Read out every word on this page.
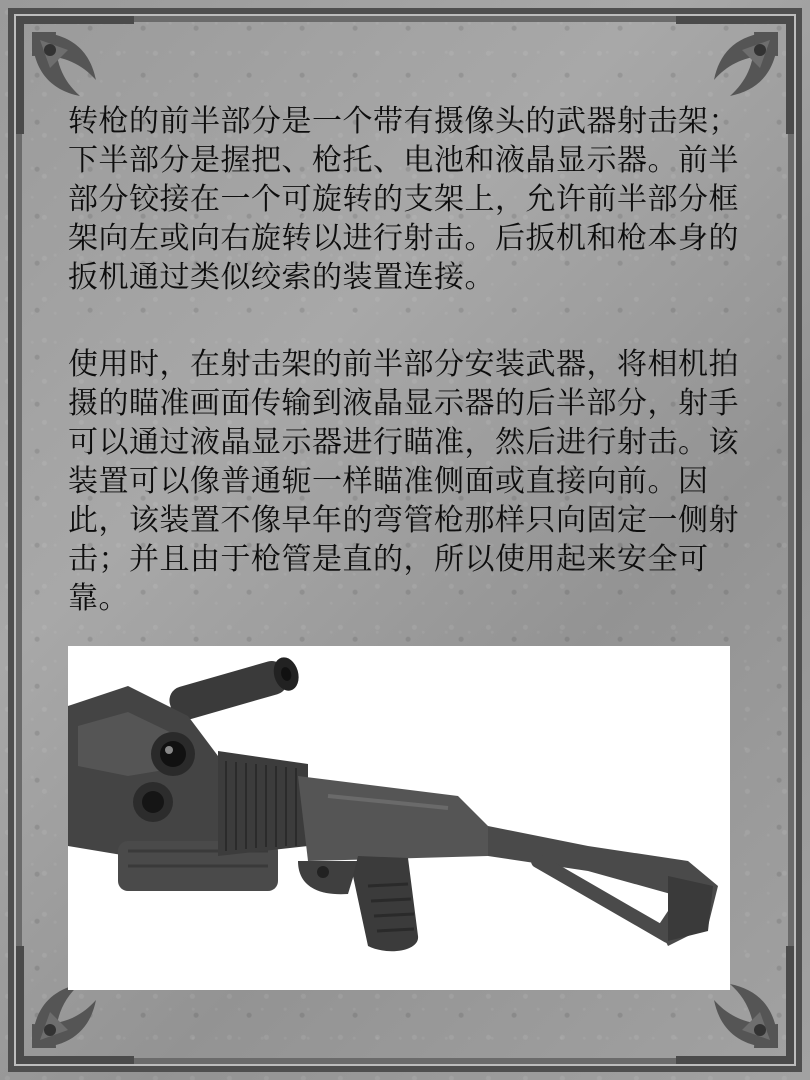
转枪的前半部分是一个带有摄像头的武器射击架；下半部分是握把、枪托、电池和液晶显示器。前半部分铰接在一个可旋转的支架上，允许前半部分框架向左或向右旋转以进行射击。后扳机和枪本身的扳机通过类似绞索的装置连接。

使用时，在射击架的前半部分安装武器，将相机拍摄的瞄准画面传输到液晶显示器的后半部分，射手可以通过液晶显示器进行瞄准，然后进行射击。该装置可以像普通轭一样瞄准侧面或直接向前。因此，该装置不像早年的弯管枪那样只向固定一侧射击；并且由于枪管是直的，所以使用起来安全可靠。
